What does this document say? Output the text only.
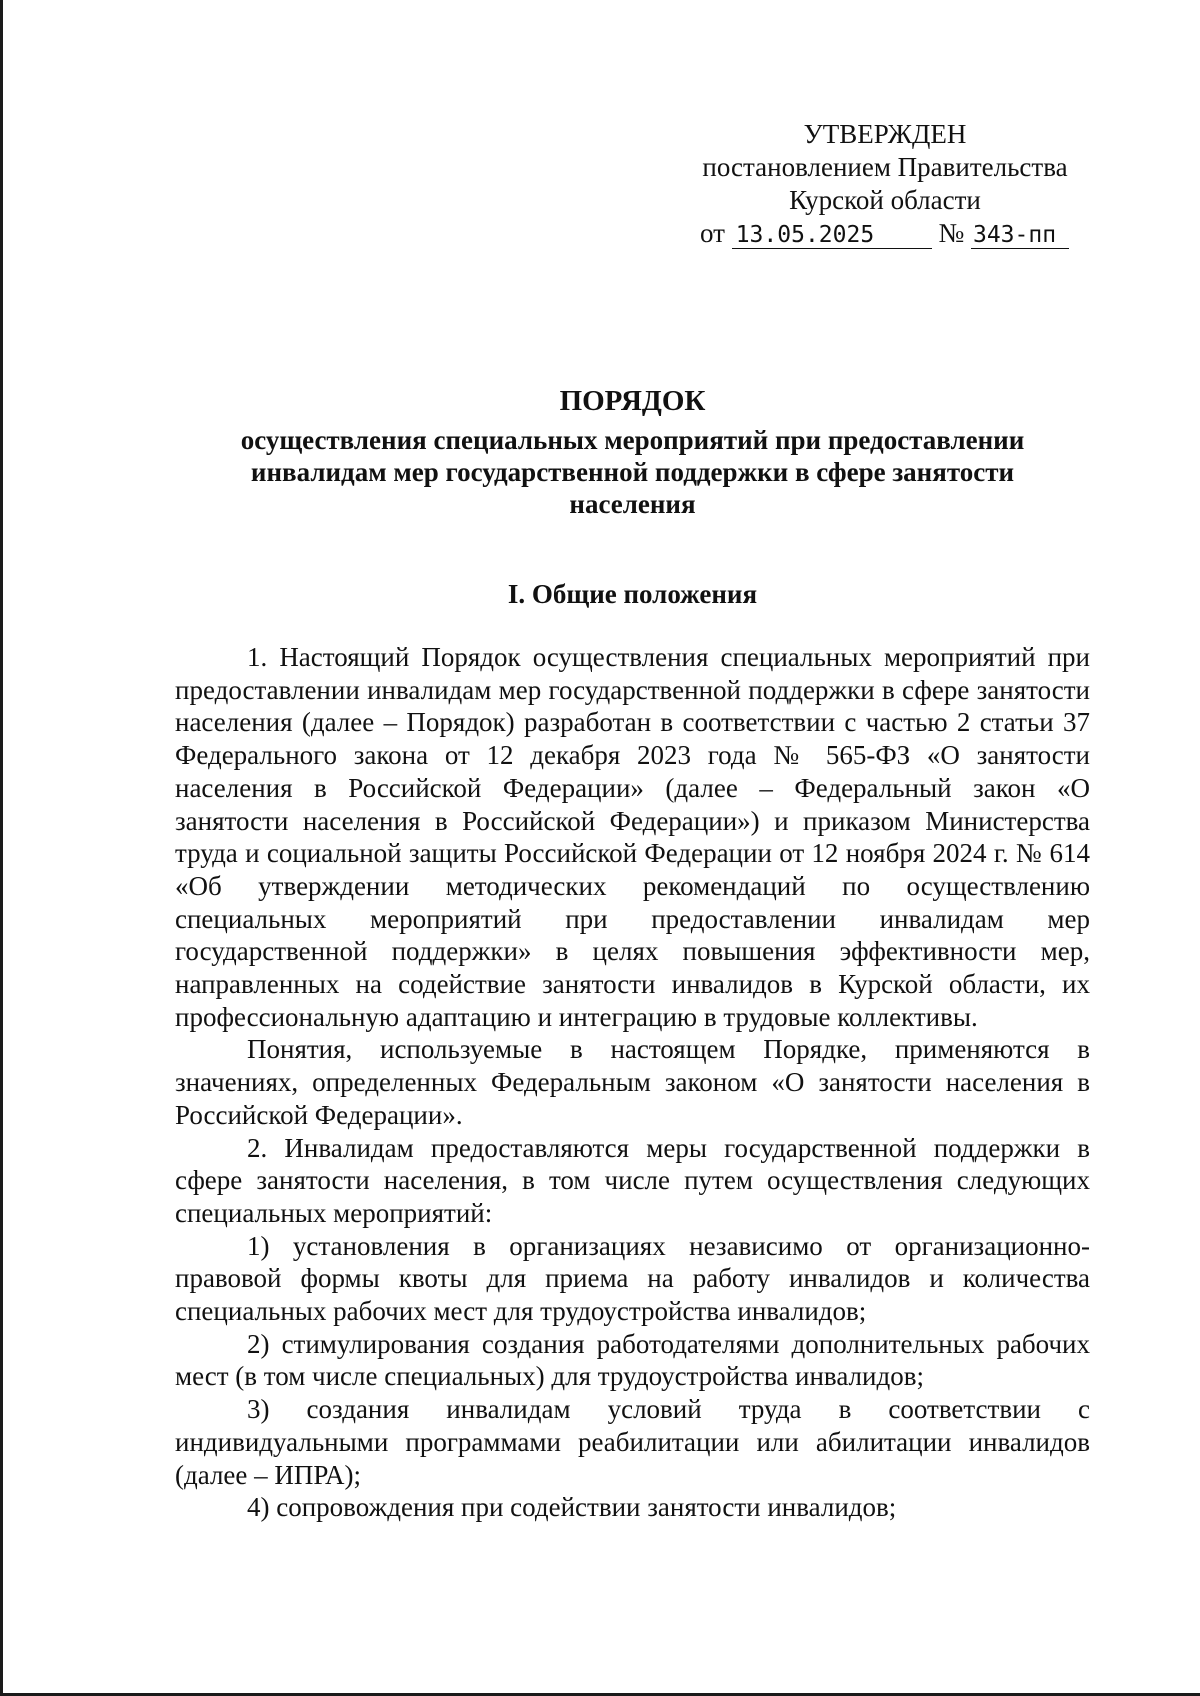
УТВЕРЖДЕН
постановлением Правительства
Курской области
от 13.05.2025 № 343-пп
ПОРЯДОК
осуществления специальных мероприятий при предоставлении инвалидам мер государственной поддержки в сфере занятости населения
I. Общие положения

1. Настоящий Порядок осуществления специальных мероприятий при предоставлении инвалидам мер государственной поддержки в сфере занятости населения (далее – Порядок) разработан в соответствии с частью 2 статьи 37 Федерального закона от 12 декабря 2023 года № 565-ФЗ «О занятости населения в Российской Федерации» (далее – Федеральный закон «О занятости населения в Российской Федерации») и приказом Министерства труда и социальной защиты Российской Федерации от 12 ноября 2024 г. № 614 «Об утверждении методических рекомендаций по осуществлению специальных мероприятий при предоставлении инвалидам мер государственной поддержки» в целях повышения эффективности мер, направленных на содействие занятости инвалидов в Курской области, их профессиональную адаптацию и интеграцию в трудовые коллективы.

Понятия, используемые в настоящем Порядке, применяются в значениях, определенных Федеральным законом «О занятости населения в Российской Федерации».

2. Инвалидам предоставляются меры государственной поддержки в сфере занятости населения, в том числе путем осуществления следующих специальных мероприятий:

1) установления в организациях независимо от организационно-правовой формы квоты для приема на работу инвалидов и количества специальных рабочих мест для трудоустройства инвалидов;

2) стимулирования создания работодателями дополнительных рабочих мест (в том числе специальных) для трудоустройства инвалидов;

3) создания инвалидам условий труда в соответствии с индивидуальными программами реабилитации или абилитации инвалидов (далее – ИПРА);

4) сопровождения при содействии занятости инвалидов;
